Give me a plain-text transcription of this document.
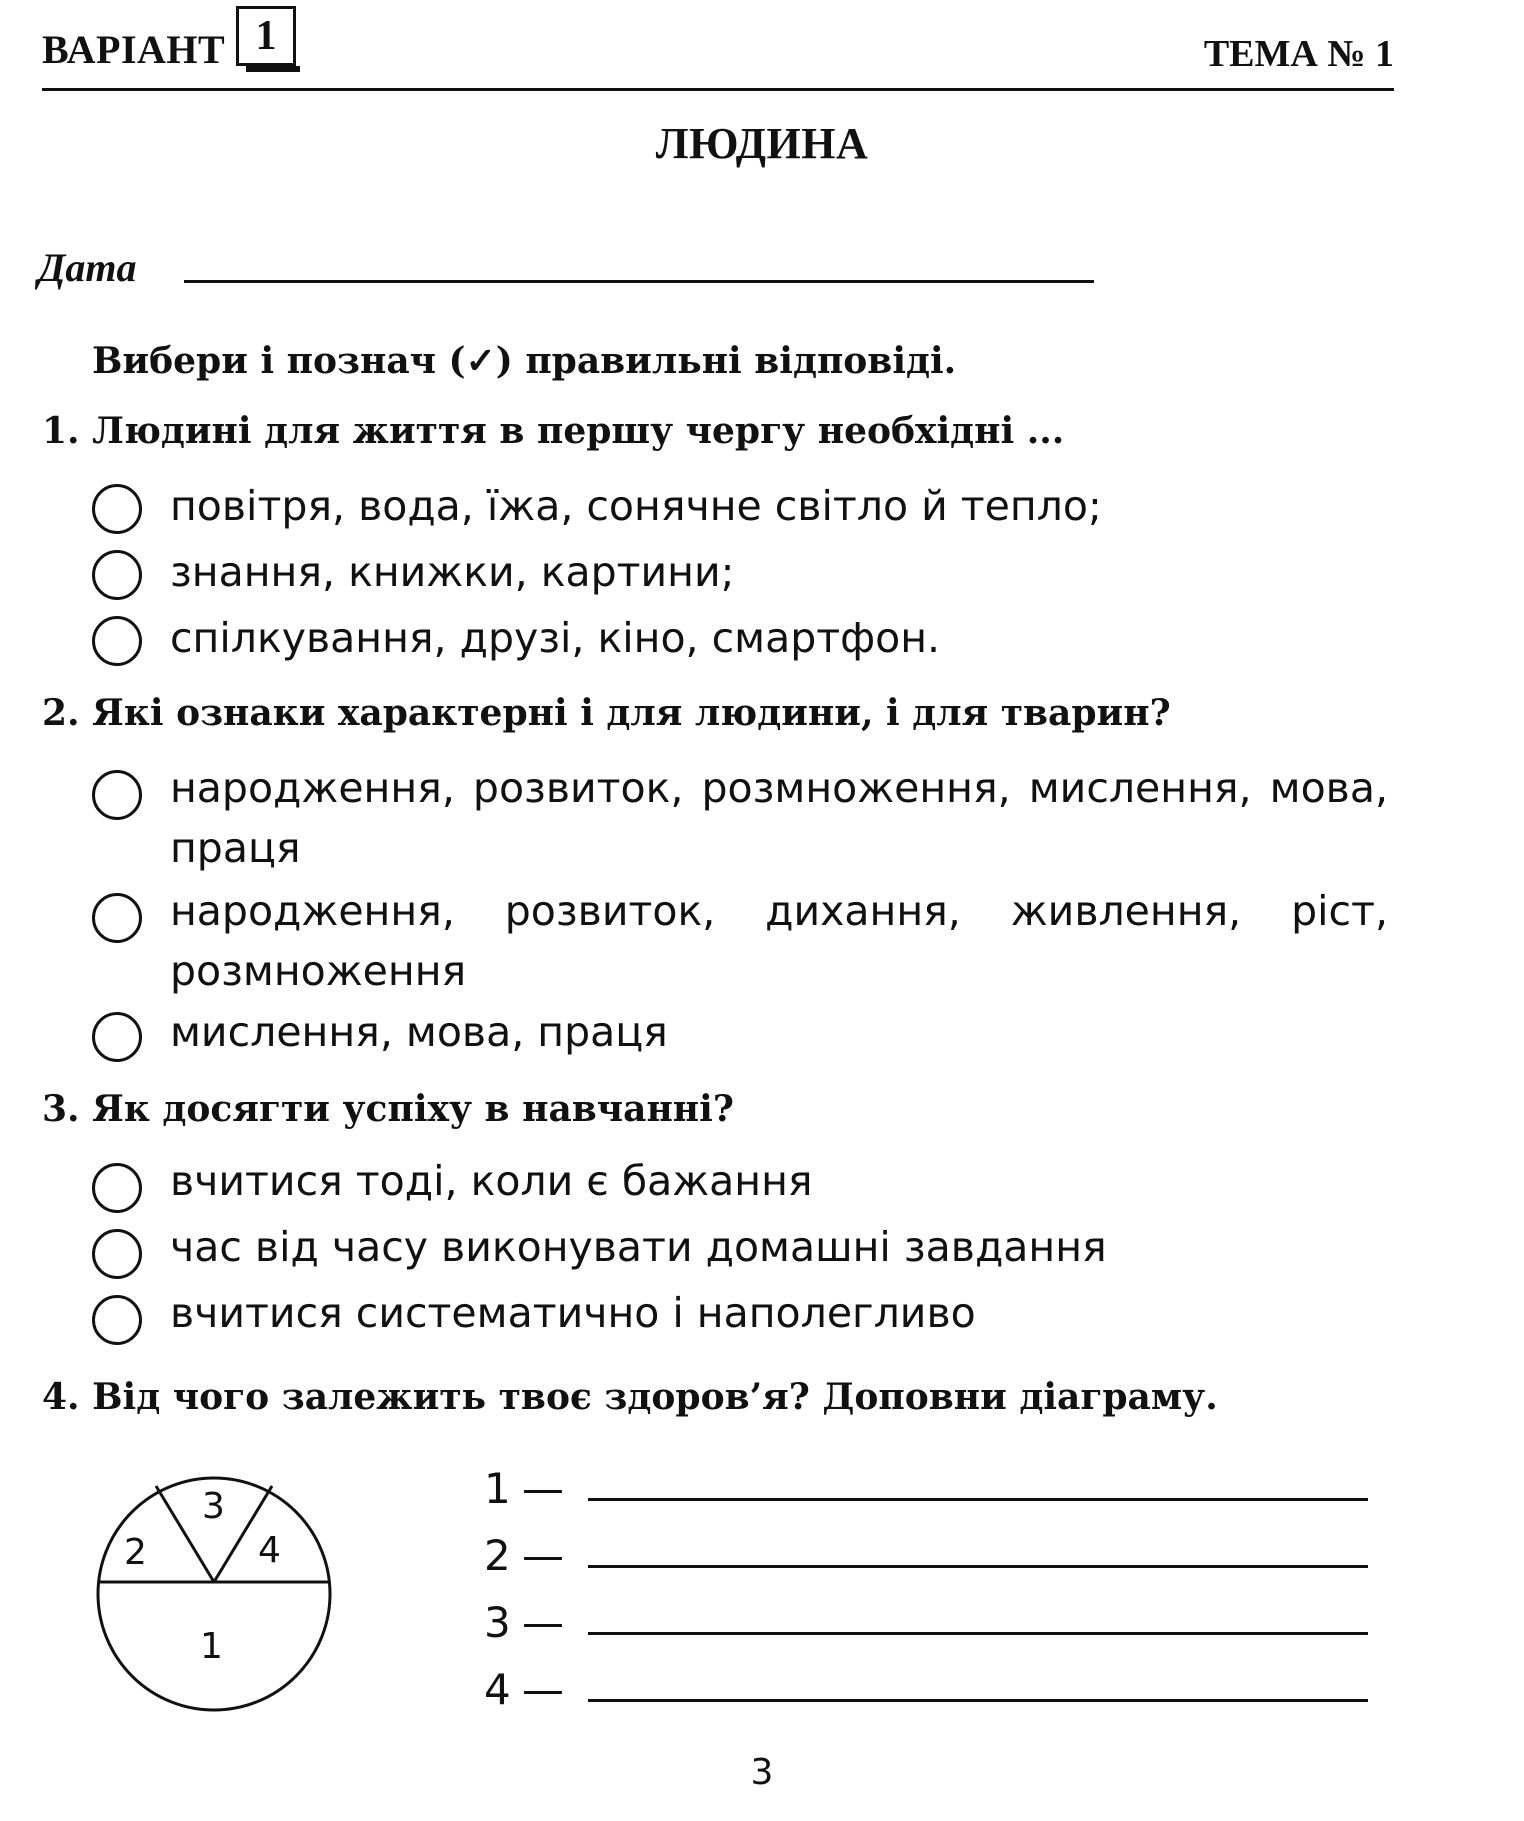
ВАРІАНТ 1	ТЕМА № 1
ЛЮДИНА
Дата
Вибери і познач (✓) правильні відповіді.
1. Людині для життя в першу чергу необхідні ...
повітря, вода, їжа, сонячне світло й тепло;
знання, книжки, картини;
спілкування, друзі, кіно, смартфон.
2. Які ознаки характерні і для людини, і для тварин?
народження, розвиток, розмноження, мислення, мова, праця
народження, розвиток, дихання, живлення, ріст, розмноження
мислення, мова, праця
3. Як досягти успіху в навчанні?
вчитися тоді, коли є бажання
час від часу виконувати домашні завдання
вчитися систематично і наполегливо
4. Від чого залежить твоє здоров’я? Доповни діаграму.
1
2
3
4
1 —
2 —
3 —
4 —
3
